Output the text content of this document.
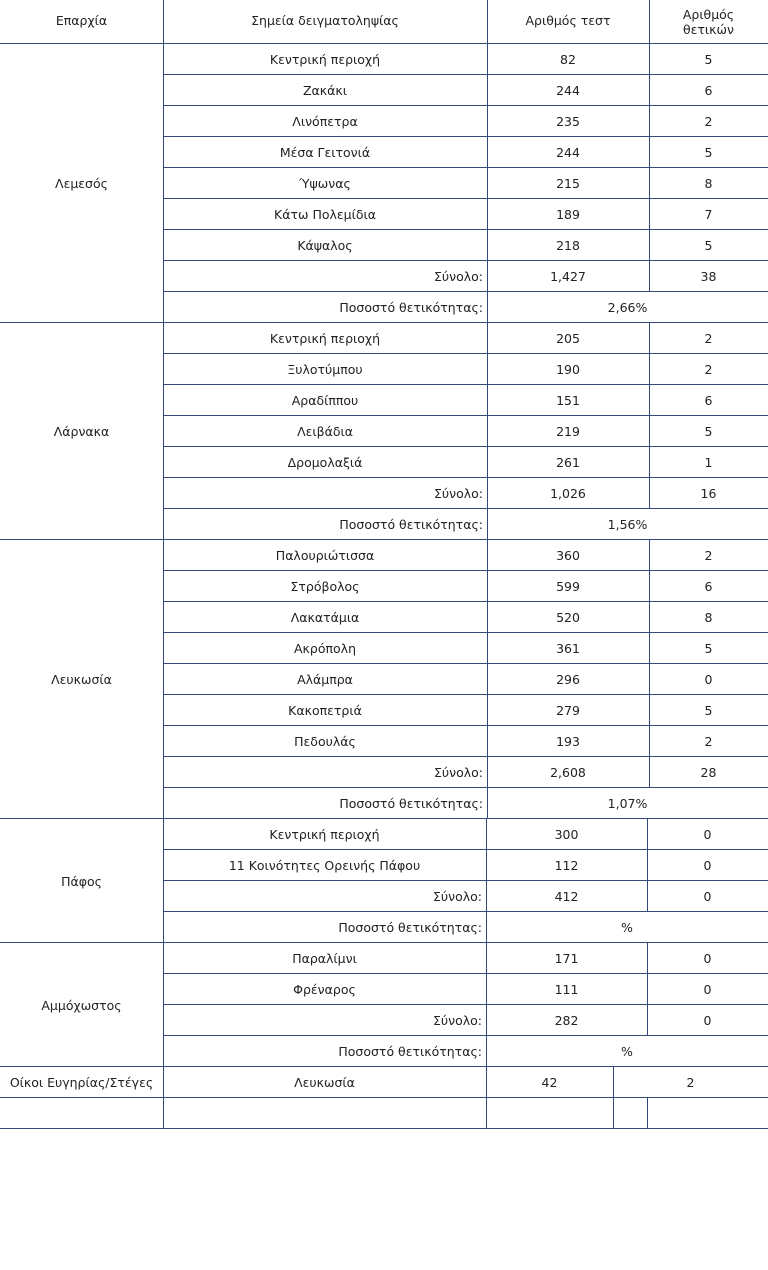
Επαρχία	Σημεία δειγματοληψίας	Αριθμός τεστ	Αριθμός θετικών
Λεμεσός
Κεντρική περιοχή	82	5
Ζακάκι	244	6
Λινόπετρα	235	2
Μέσα Γειτονιά	244	5
Ύψωνας	215	8
Κάτω Πολεμίδια	189	7
Κάψαλος	218	5
Σύνολο:	1,427	38
Ποσοστό θετικότητας:	2,66%
Λάρνακα
Κεντρική περιοχή	205	2
Ξυλοτύμπου	190	2
Αραδίππου	151	6
Λειβάδια	219	5
Δρομολαξιά	261	1
Σύνολο:	1,026	16
Ποσοστό θετικότητας:	1,56%
Λευκωσία
Παλουριώτισσα	360	2
Στρόβολος	599	6
Λακατάμια	520	8
Ακρόπολη	361	5
Αλάμπρα	296	0
Κακοπετριά	279	5
Πεδουλάς	193	2
Σύνολο:	2,608	28
Ποσοστό θετικότητας:	1,07%
Πάφος
Κεντρική περιοχή	300	0
11 Κοινότητες Ορεινής Πάφου	112	0
Σύνολο:	412	0
Ποσοστό θετικότητας:	%
Αμμόχωστος
Παραλίμνι	171	0
Φρέναρος	111	0
Σύνολο:	282	0
Ποσοστό θετικότητας:	%
Οίκοι Ευγηρίας/Στέγες	Λευκωσία	42	2
